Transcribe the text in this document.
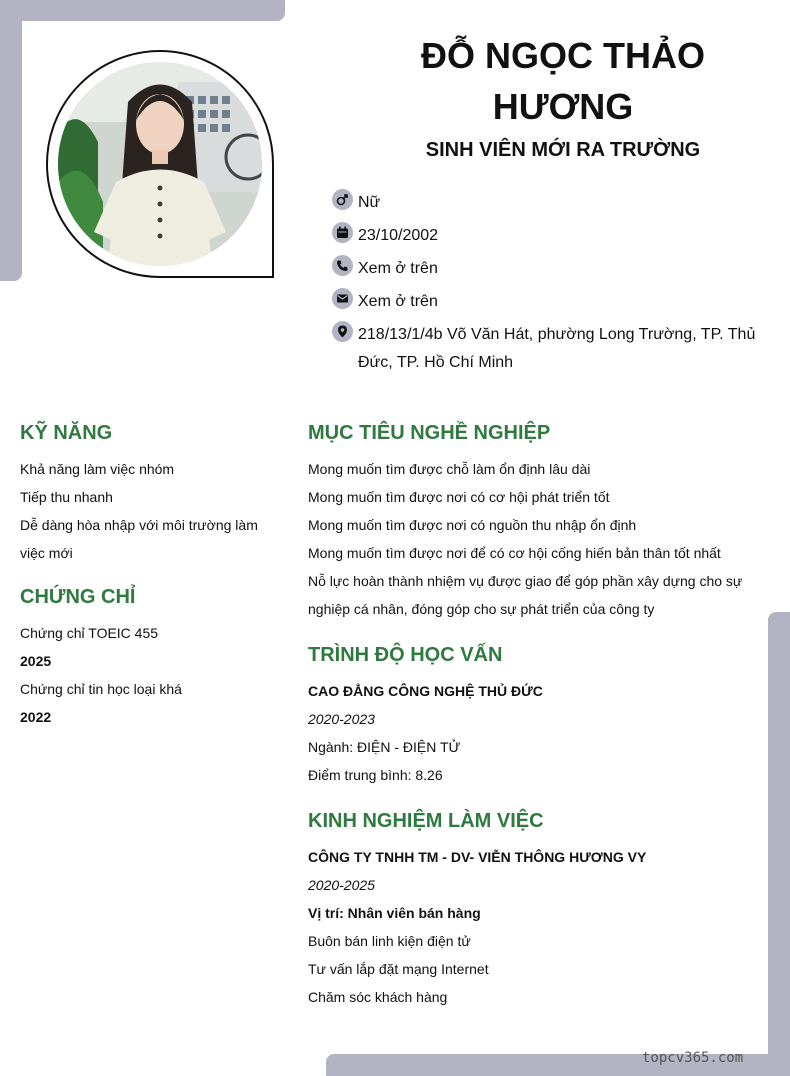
ĐỖ NGỌC THẢO HƯƠNG
SINH VIÊN MỚI RA TRƯỜNG
Nữ
23/10/2002
Xem ở trên
Xem ở trên
218/13/1/4b Võ Văn Hát, phường Long Trường, TP. Thủ Đức, TP. Hồ Chí Minh
KỸ NĂNG

Khả năng làm việc nhóm

Tiếp thu nhanh

Dễ dàng hòa nhập với môi trường làm việc mới

CHỨNG CHỈ

Chứng chỉ TOEIC 455

2025

Chứng chỉ tin học loại khá

2022

MỤC TIÊU NGHỀ NGHIỆP

Mong muốn tìm được chỗ làm ổn định lâu dài

Mong muốn tìm được nơi có cơ hội phát triển tốt

Mong muốn tìm được nơi có nguồn thu nhập ổn định

Mong muốn tìm được nơi để có cơ hội cống hiến bản thân tốt nhất

Nỗ lực hoàn thành nhiệm vụ được giao để góp phần xây dựng cho sự nghiệp cá nhân, đóng góp cho sự phát triển của công ty

TRÌNH ĐỘ HỌC VẤN

CAO ĐẲNG CÔNG NGHỆ THỦ ĐỨC

2020-2023

Ngành: ĐIỆN - ĐIỆN TỬ

Điểm trung bình: 8.26

KINH NGHIỆM LÀM VIỆC

CÔNG TY TNHH TM - DV- VIỄN THÔNG HƯƠNG VY

2020-2025

Vị trí: Nhân viên bán hàng

Buôn bán linh kiện điện tử

Tư vấn lắp đặt mạng Internet

Chăm sóc khách hàng

topcv365.com
